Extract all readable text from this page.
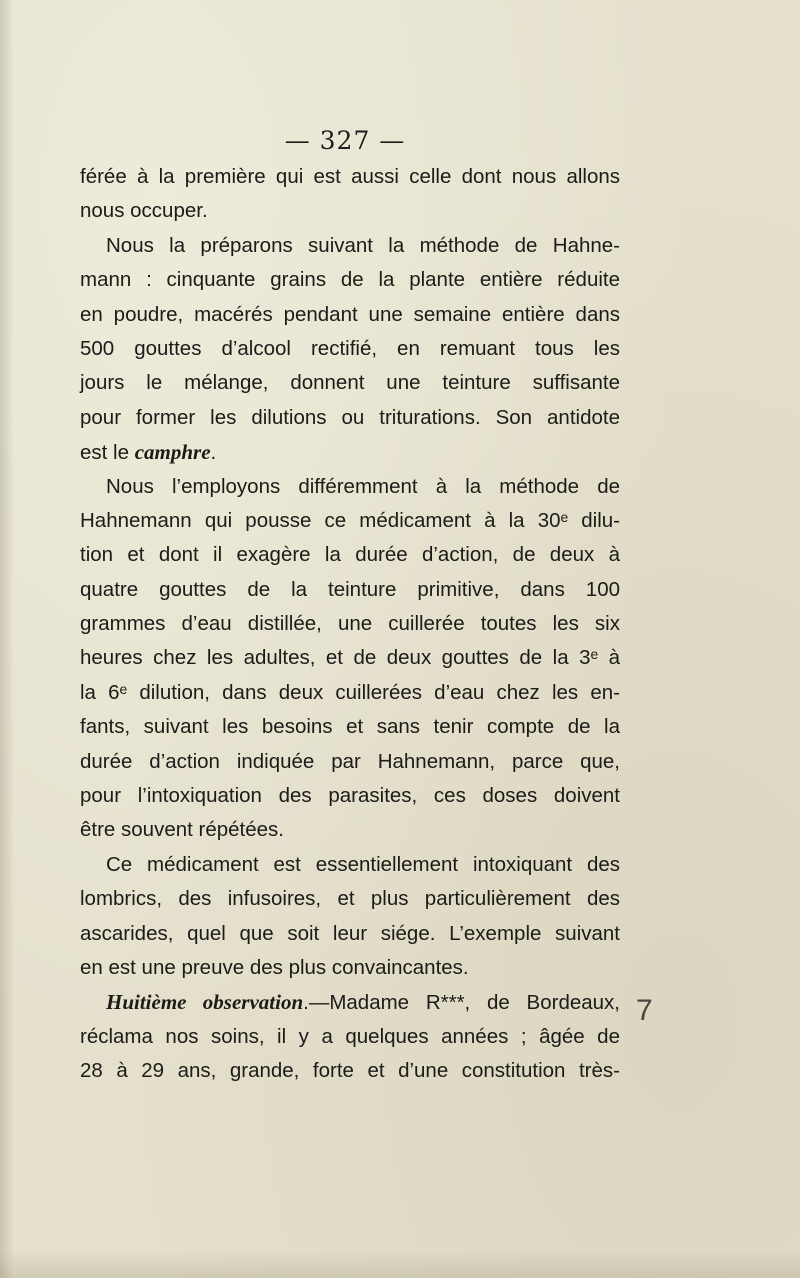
— 327 —
férée à la première qui est aussi celle dont nous allons
nous occuper.
Nous la préparons suivant la méthode de Hahne-
mann : cinquante grains de la plante entière réduite
en poudre, macérés pendant une semaine entière dans
500 gouttes d’alcool rectifié, en remuant tous les
jours le mélange, donnent une teinture suffisante
pour former les dilutions ou triturations. Son antidote
est le camphre.
Nous l’employons différemment à la méthode de
Hahnemann qui pousse ce médicament à la 30ᵉ dilu-
tion et dont il exagère la durée d’action, de deux à
quatre gouttes de la teinture primitive, dans 100
grammes d’eau distillée, une cuillerée toutes les six
heures chez les adultes, et de deux gouttes de la 3ᵉ à
la 6ᵉ dilution, dans deux cuillerées d’eau chez les en-
fants, suivant les besoins et sans tenir compte de la
durée d’action indiquée par Hahnemann, parce que,
pour l’intoxiquation des parasites, ces doses doivent
être souvent répétées.
Ce médicament est essentiellement intoxiquant des
lombrics, des infusoires, et plus particulièrement des
ascarides, quel que soit leur siége. L’exemple suivant
en est une preuve des plus convaincantes.
Huitième observation.—Madame R***, de Bordeaux,
réclama nos soins, il y a quelques années ; âgée de
28 à 29 ans, grande, forte et d’une constitution très-
7
